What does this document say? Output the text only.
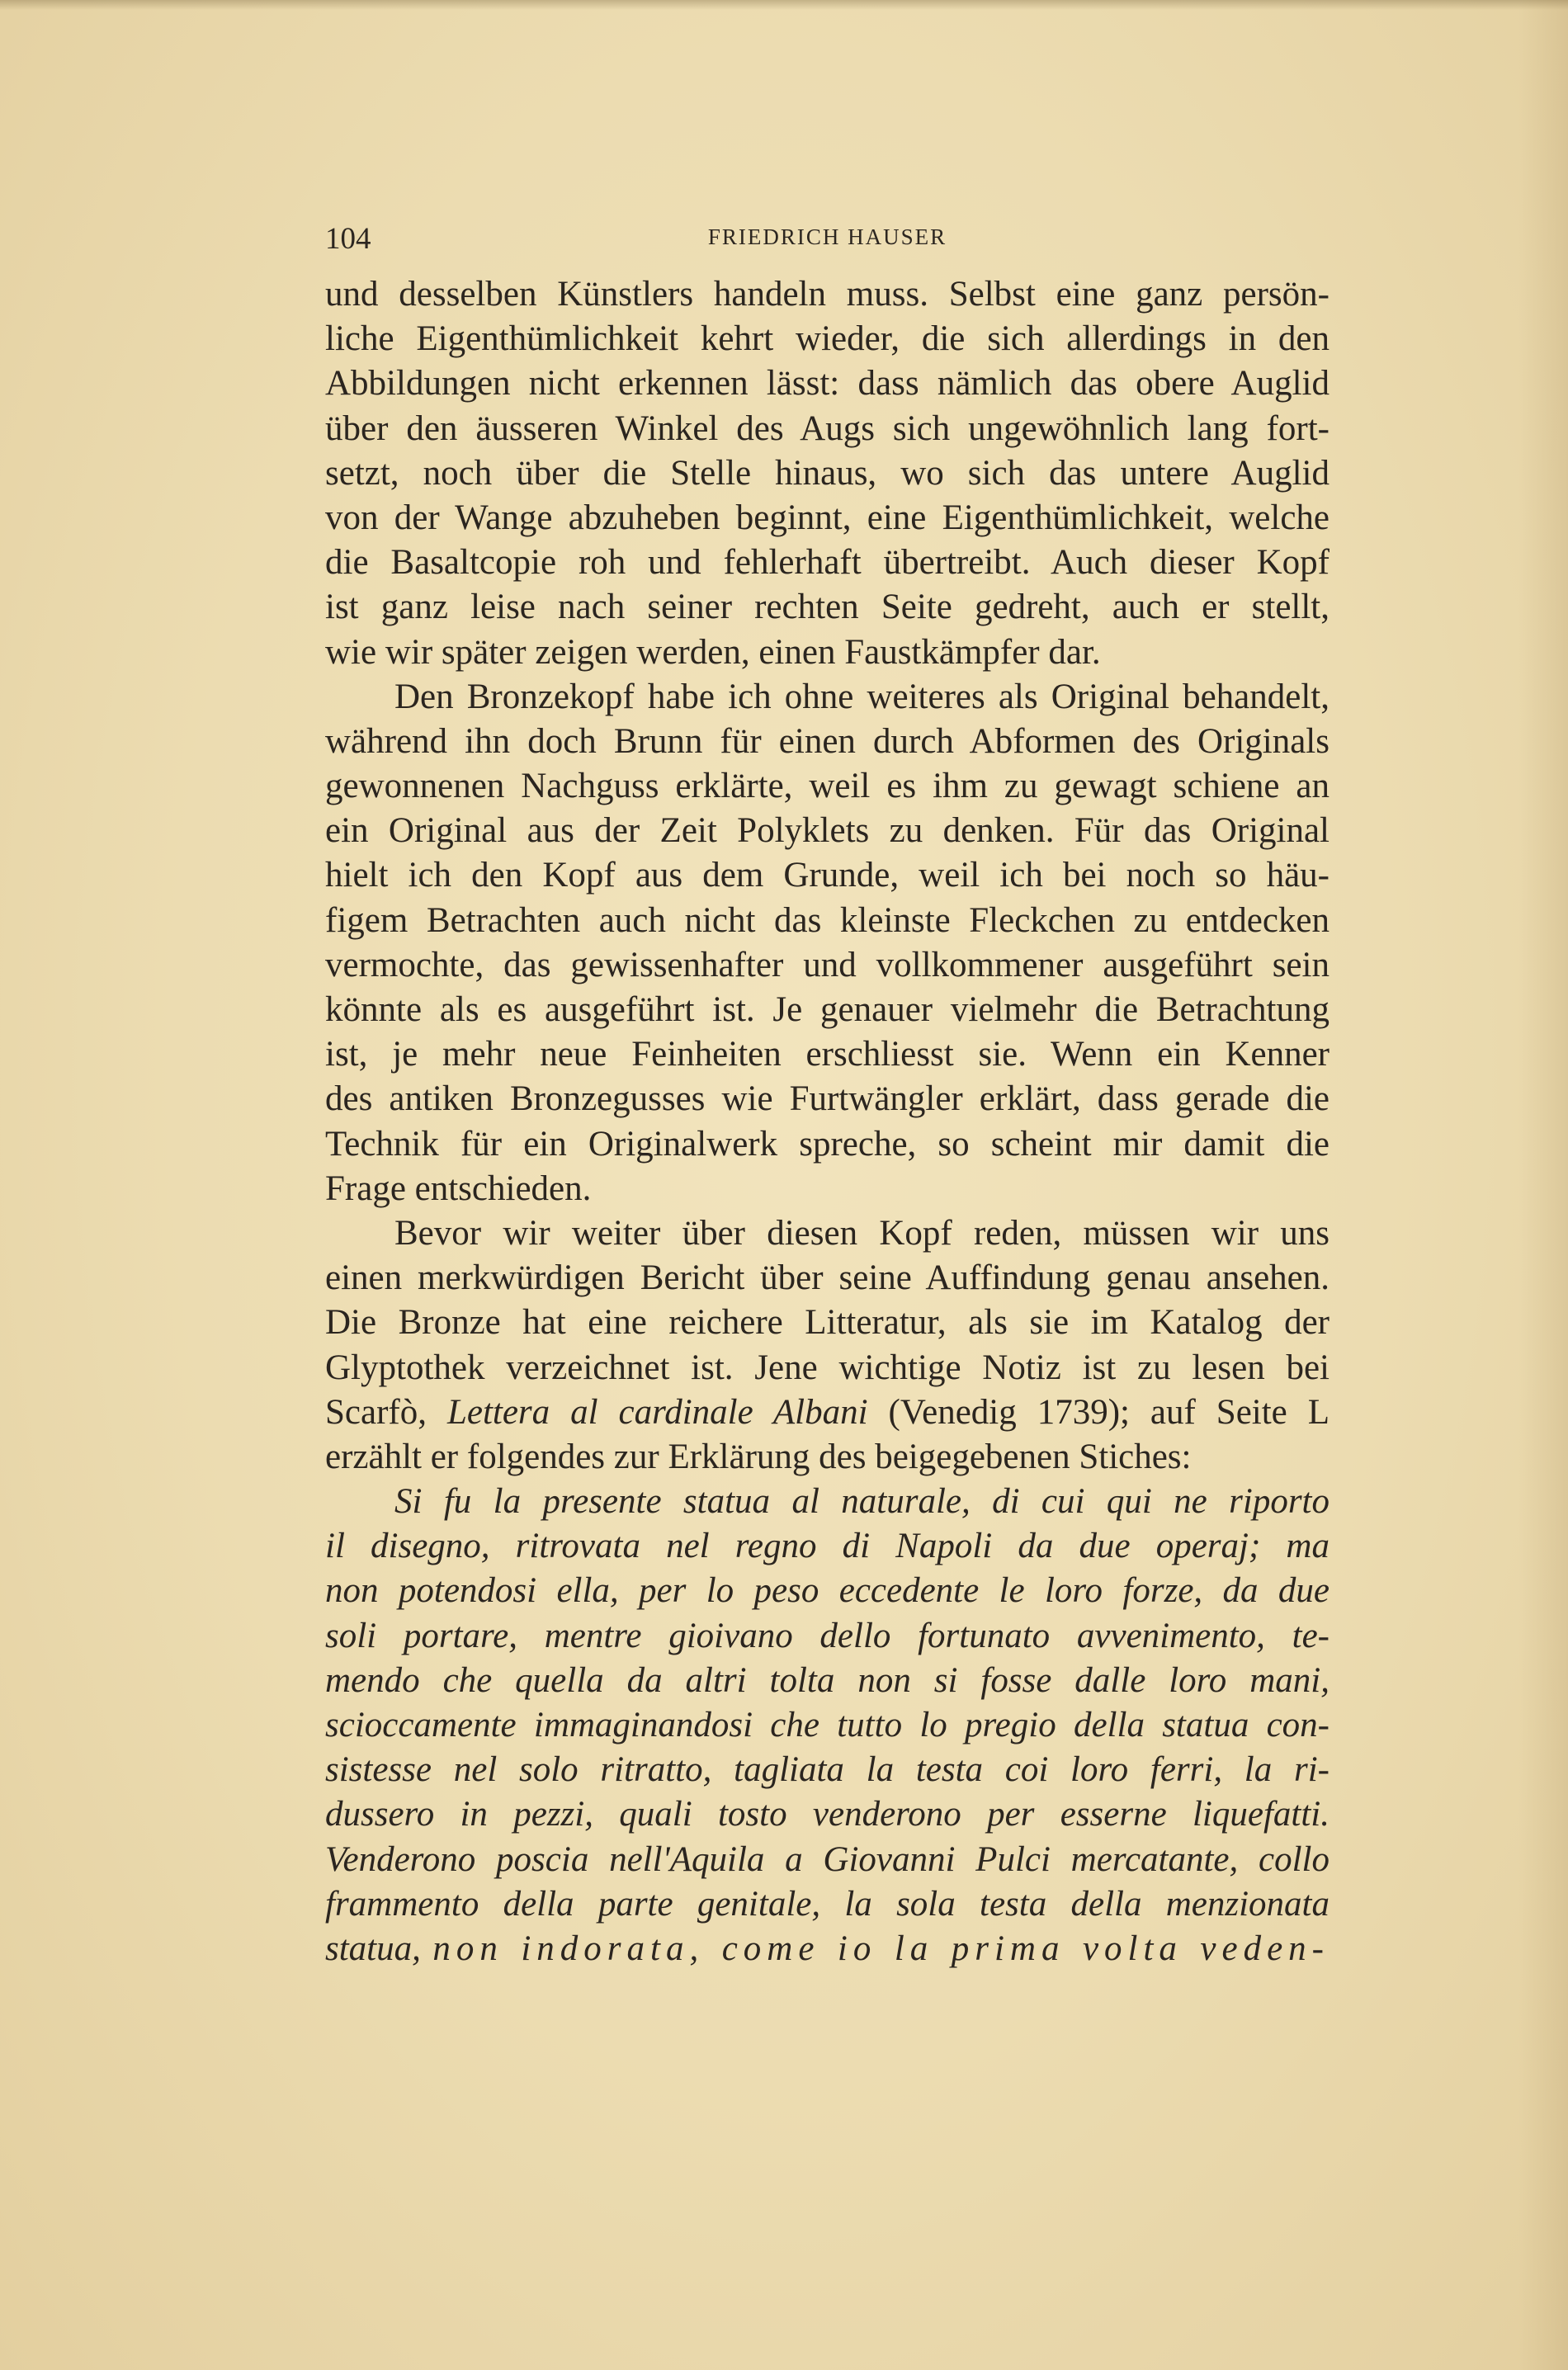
104	FRIEDRICH HAUSER
und desselben Künstlers handeln muss. Selbst eine ganz persön-
liche Eigenthümlichkeit kehrt wieder, die sich allerdings in den
Abbildungen nicht erkennen lässt: dass nämlich das obere Auglid
über den äusseren Winkel des Augs sich ungewöhnlich lang fort-
setzt, noch über die Stelle hinaus, wo sich das untere Auglid
von der Wange abzuheben beginnt, eine Eigenthümlichkeit, welche
die Basaltcopie roh und fehlerhaft übertreibt. Auch dieser Kopf
ist ganz leise nach seiner rechten Seite gedreht, auch er stellt,
wie wir später zeigen werden, einen Faustkämpfer dar.
Den Bronzekopf habe ich ohne weiteres als Original behandelt,
während ihn doch Brunn für einen durch Abformen des Originals
gewonnenen Nachguss erklärte, weil es ihm zu gewagt schiene an
ein Original aus der Zeit Polyklets zu denken. Für das Original
hielt ich den Kopf aus dem Grunde, weil ich bei noch so häu-
figem Betrachten auch nicht das kleinste Fleckchen zu entdecken
vermochte, das gewissenhafter und vollkommener ausgeführt sein
könnte als es ausgeführt ist. Je genauer vielmehr die Betrachtung
ist, je mehr neue Feinheiten erschliesst sie. Wenn ein Kenner
des antiken Bronzegusses wie Furtwängler erklärt, dass gerade die
Technik für ein Originalwerk spreche, so scheint mir damit die
Frage entschieden.
Bevor wir weiter über diesen Kopf reden, müssen wir uns
einen merkwürdigen Bericht über seine Auffindung genau ansehen.
Die Bronze hat eine reichere Litteratur, als sie im Katalog der
Glyptothek verzeichnet ist. Jene wichtige Notiz ist zu lesen bei
Scarfò, Lettera al cardinale Albani (Venedig 1739); auf Seite L
erzählt er folgendes zur Erklärung des beigegebenen Stiches:
Si fu la presente statua al naturale, di cui qui ne riporto
il disegno, ritrovata nel regno di Napoli da due operaj; ma
non potendosi ella, per lo peso eccedente le loro forze, da due
soli portare, mentre gioivano dello fortunato avvenimento, te-
mendo che quella da altri tolta non si fosse dalle loro mani,
scioccamente immaginandosi che tutto lo pregio della statua con-
sistesse nel solo ritratto, tagliata la testa coi loro ferri, la ri-
dussero in pezzi, quali tosto venderono per esserne liquefatti.
Venderono poscia nell'Aquila a Giovanni Pulci mercatante, collo
frammento della parte genitale, la sola testa della menzionata
statua, non indorata, come io la prima volta veden-
